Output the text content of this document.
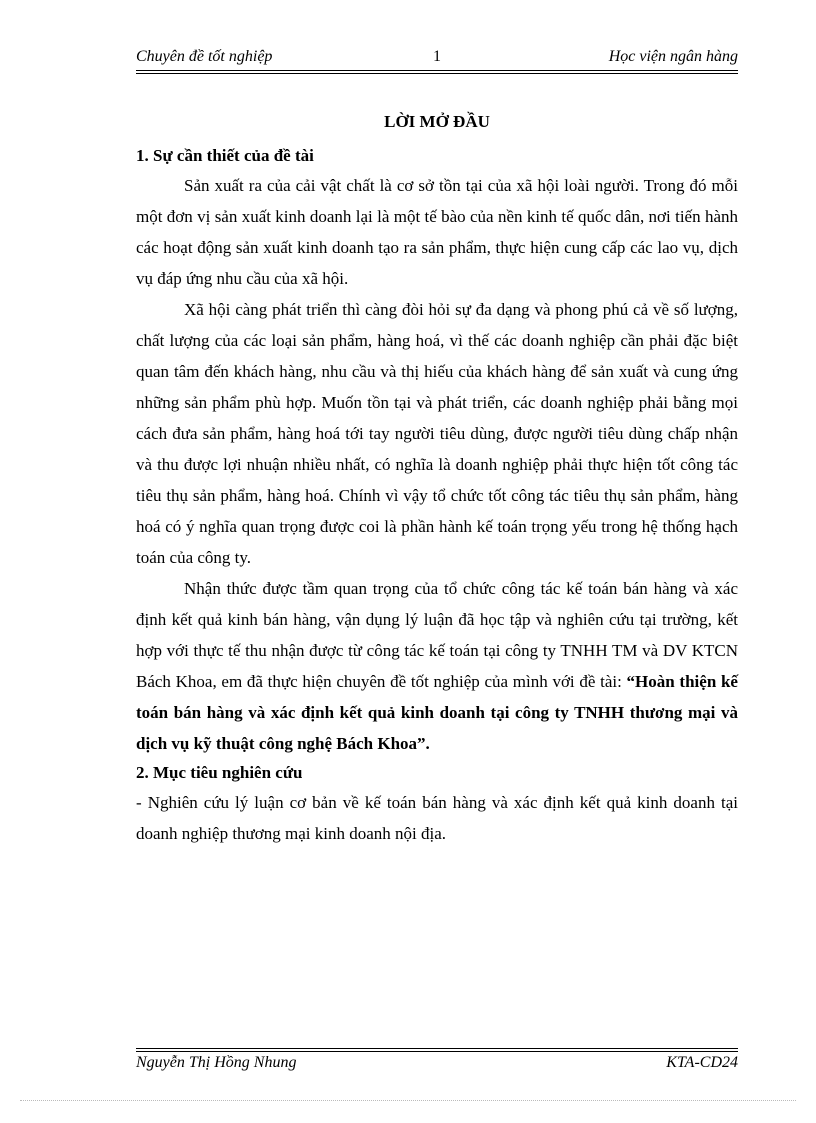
Chuyên đề tốt nghiệp	1	Học viện ngân hàng
LỜI MỞ ĐẦU
1. Sự cần thiết của đề tài

Sản xuất ra của cải vật chất là cơ sở tồn tại của xã hội loài người. Trong đó mỗi một đơn vị sản xuất kinh doanh lại là một tế bào của nền kinh tế quốc dân, nơi tiến hành các hoạt động sản xuất kinh doanh tạo ra sản phẩm, thực hiện cung cấp các lao vụ, dịch vụ đáp ứng nhu cầu của xã hội.

Xã hội càng phát triển thì càng đòi hỏi sự đa dạng và phong phú cả về số lượng, chất lượng của các loại sản phẩm, hàng hoá, vì thế các doanh nghiệp cần phải đặc biệt quan tâm đến khách hàng, nhu cầu và thị hiếu của khách hàng để sản xuất và cung ứng những sản phẩm phù hợp. Muốn tồn tại và phát triển, các doanh nghiệp phải bằng mọi cách đưa sản phẩm, hàng hoá tới tay người tiêu dùng, được người tiêu dùng chấp nhận và thu được lợi nhuận nhiều nhất, có nghĩa là doanh nghiệp phải thực hiện tốt công tác tiêu thụ sản phẩm, hàng hoá. Chính vì vậy tổ chức tốt công tác tiêu thụ sản phẩm, hàng hoá có ý nghĩa quan trọng được coi là phần hành kế toán trọng yếu trong hệ thống hạch toán của công ty.

Nhận thức được tầm quan trọng của tổ chức công tác kế toán bán hàng và xác định kết quả kinh bán hàng, vận dụng lý luận đã học tập và nghiên cứu tại trường, kết hợp với thực tế thu nhận được từ công tác kế toán tại công ty TNHH TM và DV KTCN Bách Khoa, em đã thực hiện chuyên đề tốt nghiệp của mình với đề tài: “Hoàn thiện kế toán bán hàng và xác định kết quả kinh doanh tại công ty TNHH thương mại và dịch vụ kỹ thuật công nghệ Bách Khoa”.

2. Mục tiêu nghiên cứu

- Nghiên cứu lý luận cơ bản về kế toán bán hàng và xác định kết quả kinh doanh tại doanh nghiệp thương mại kinh doanh nội địa.

Nguyễn Thị Hồng Nhung	KTA-CD24
